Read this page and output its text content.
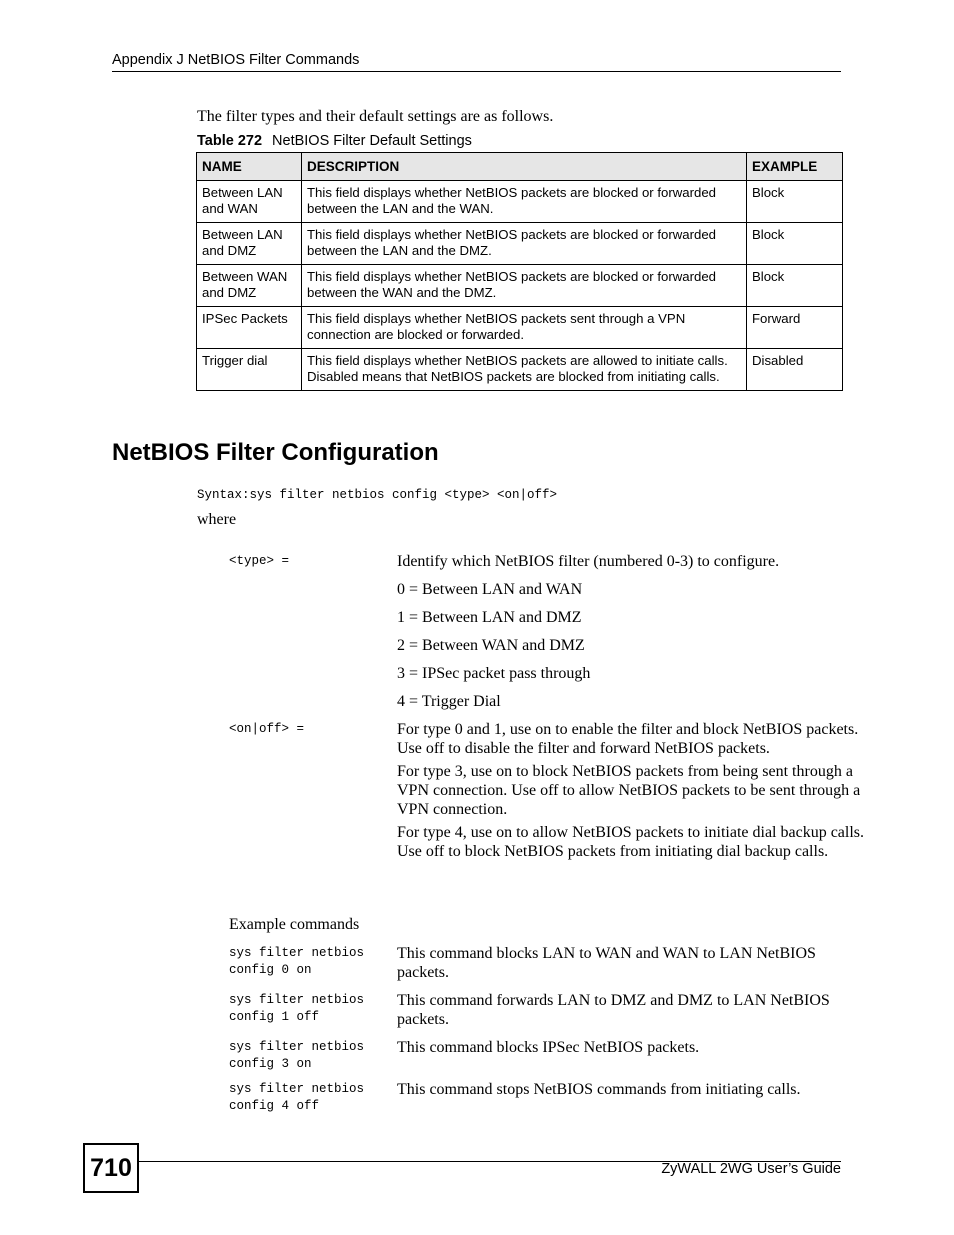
Appendix J NetBIOS Filter Commands
The filter types and their default settings are as follows.
Table 272 NetBIOS Filter Default Settings
NAME	DESCRIPTION	EXAMPLE
Between LAN and WAN	This field displays whether NetBIOS packets are blocked or forwarded between the LAN and the WAN.	Block
Between LAN and DMZ	This field displays whether NetBIOS packets are blocked or forwarded between the LAN and the DMZ.	Block
Between WAN and DMZ	This field displays whether NetBIOS packets are blocked or forwarded between the WAN and the DMZ.	Block
IPSec Packets	This field displays whether NetBIOS packets sent through a VPN connection are blocked or forwarded.	Forward
Trigger dial	This field displays whether NetBIOS packets are allowed to initiate calls. Disabled means that NetBIOS packets are blocked from initiating calls.	Disabled
NetBIOS Filter Configuration
Syntax:sys filter netbios config <type> <on|off>
where
<type> =	Identify which NetBIOS filter (numbered 0-3) to configure.
0 = Between LAN and WAN
1 = Between LAN and DMZ
2 = Between WAN and DMZ
3 = IPSec packet pass through
4 = Trigger Dial
<on|off> =	For type 0 and 1, use on to enable the filter and block NetBIOS packets. Use off to disable the filter and forward NetBIOS packets.
For type 3, use on to block NetBIOS packets from being sent through a VPN connection. Use off to allow NetBIOS packets to be sent through a VPN connection.
For type 4, use on to allow NetBIOS packets to initiate dial backup calls. Use off to block NetBIOS packets from initiating dial backup calls.
Example commands
sys filter netbios
config 0 on
This command blocks LAN to WAN and WAN to LAN NetBIOS packets.
sys filter netbios
config 1 off
This command forwards LAN to DMZ and DMZ to LAN NetBIOS packets.
sys filter netbios
config 3 on
This command blocks IPSec NetBIOS packets.
sys filter netbios
config 4 off
This command stops NetBIOS commands from initiating calls.
710	ZyWALL 2WG User’s Guide
